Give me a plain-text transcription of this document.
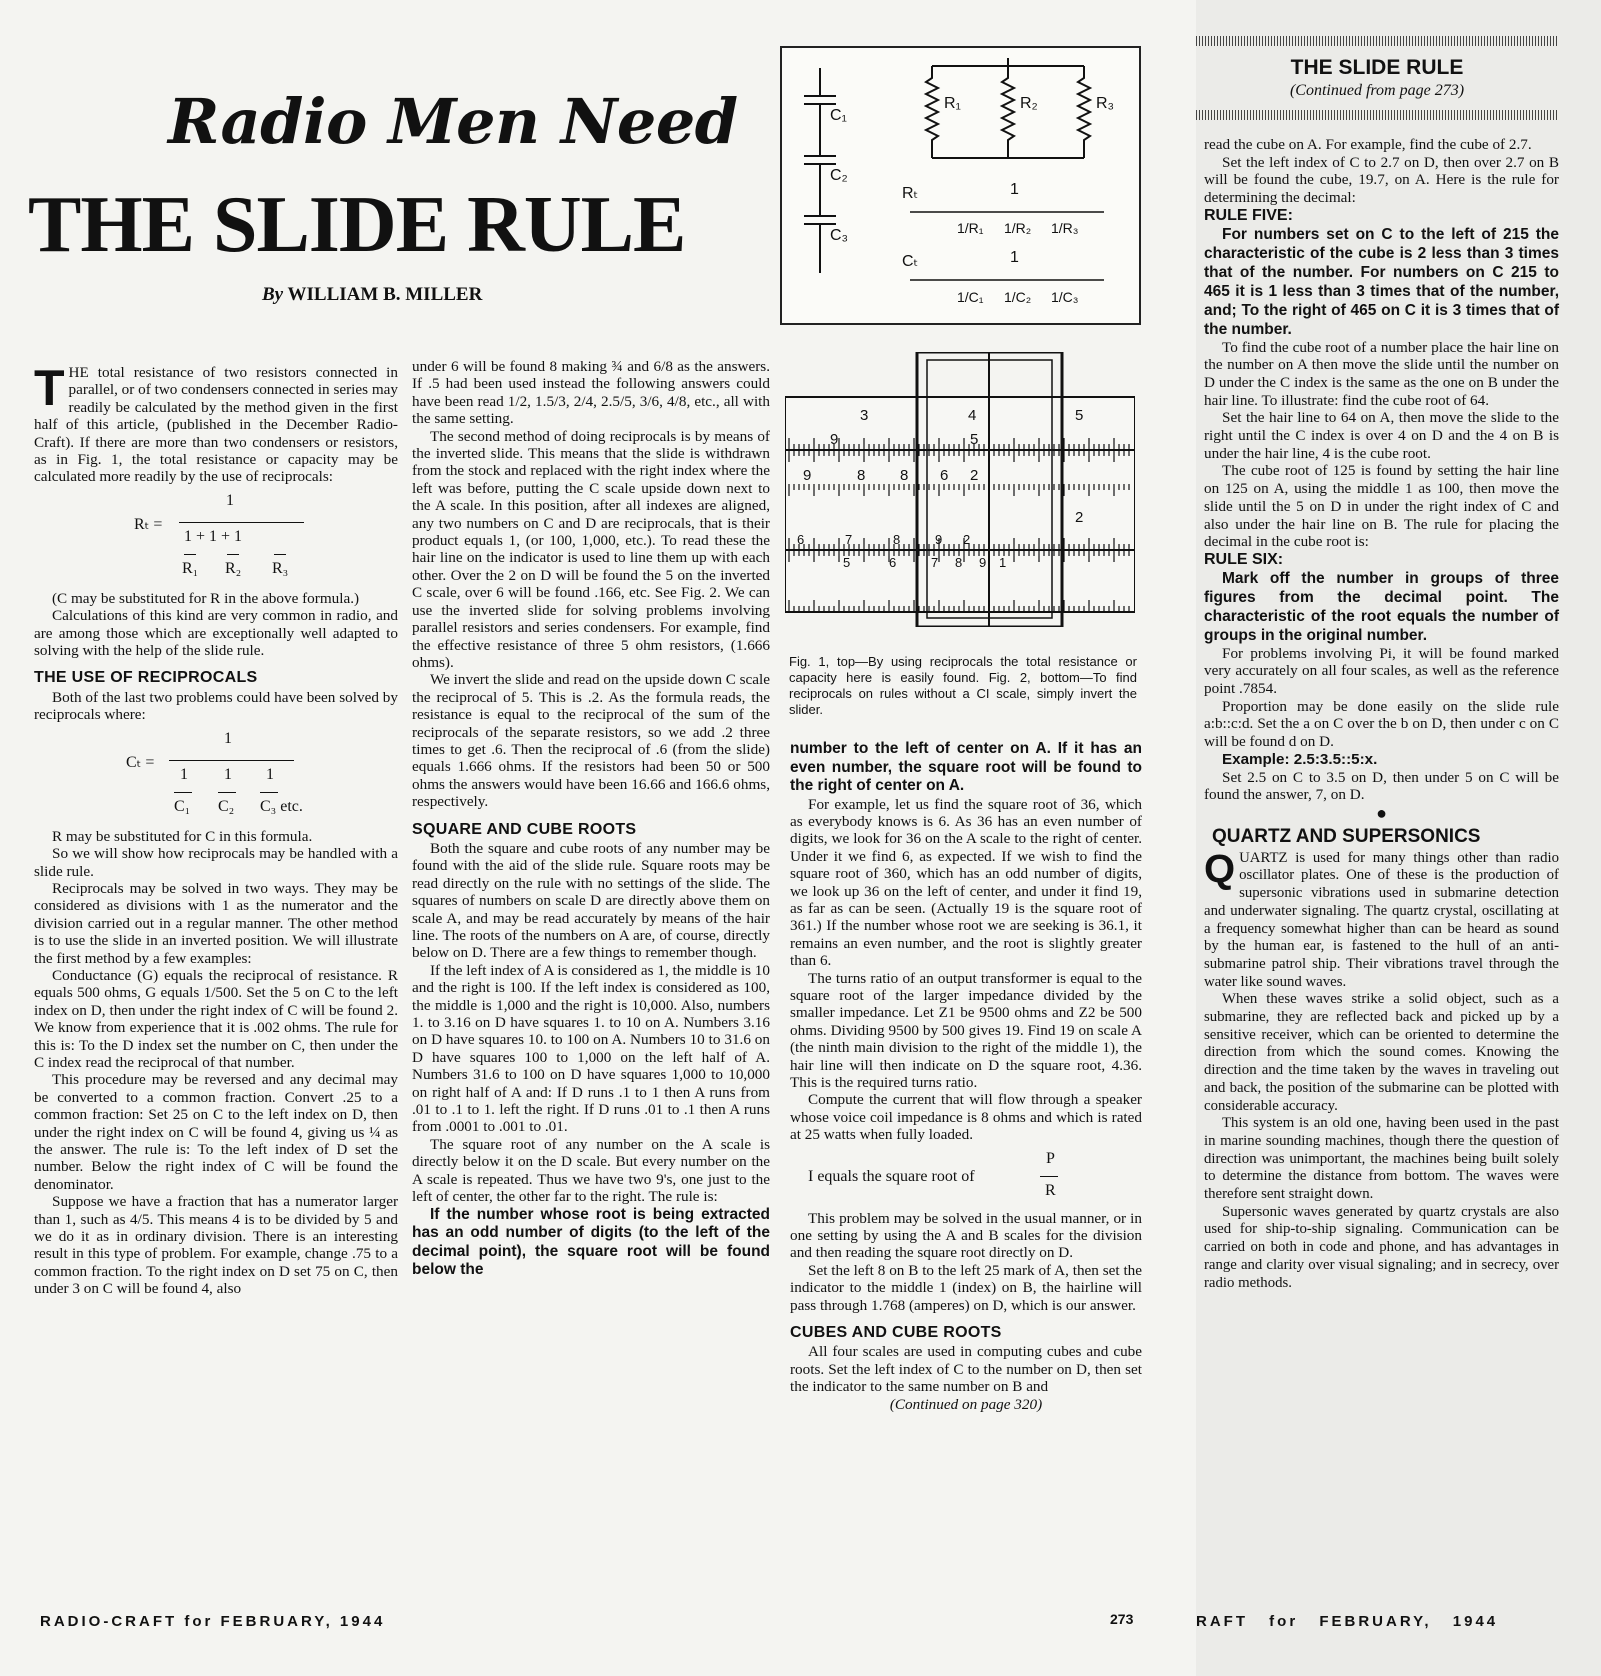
Radio Men Need
THE SLIDE RULE
By WILLIAM B. MILLER

THE total resistance of two resistors connected in parallel, or of two condensers connected in series may readily be calculated by the method given in the first half of this article, (published in the December Radio-Craft). If there are more than two condensers or resistors, as in Fig. 1, the total resistance or capacity may be calculated more readily by the use of reciprocals:

Rₜ =
1
1 + 1 + 1
R₁ R₂ R₃

(C may be substituted for R in the above formula.)

Calculations of this kind are very common in radio, and are among those which are exceptionally well adapted to solving with the help of the slide rule.

THE USE OF RECIPROCALS

Both of the last two problems could have been solved by reciprocals where:

Cₜ =
1
1 1 1
C₁ C₂ C₃ etc.

R may be substituted for C in this formula.

So we will show how reciprocals may be handled with a slide rule.

Reciprocals may be solved in two ways. They may be considered as divisions with 1 as the numerator and the division carried out in a regular manner. The other method is to use the slide in an inverted position. We will illustrate the first method by a few examples:

Conductance (G) equals the reciprocal of resistance. R equals 500 ohms, G equals 1/500. Set the 5 on C to the left index on D, then under the right index of C will be found 2. We know from experience that it is .002 ohms. The rule for this is: To the D index set the number on C, then under the C index read the reciprocal of that number.

This procedure may be reversed and any decimal may be converted to a common fraction. Convert .25 to a common fraction: Set 25 on C to the left index on D, then under the right index on C will be found 4, giving us ¼ as the answer. The rule is: To the left index of D set the number. Below the right index of C will be found the denominator.

Suppose we have a fraction that has a numerator larger than 1, such as 4/5. This means 4 is to be divided by 5 and we do it as in ordinary division. There is an interesting result in this type of problem. For example, change .75 to a common fraction. To the right index on D set 75 on C, then under 3 on C will be found 4, also

under 6 will be found 8 making ¾ and 6/8 as the answers. If .5 had been used instead the following answers could have been read 1/2, 1.5/3, 2/4, 2.5/5, 3/6, 4/8, etc., all with the same setting.

The second method of doing reciprocals is by means of the inverted slide. This means that the slide is withdrawn from the stock and replaced with the right index where the left was before, putting the C scale upside down next to the A scale. In this position, after all indexes are aligned, any two numbers on C and D are reciprocals, that is their product equals 1, (or 100, 1,000, etc.). To read these the hair line on the indicator is used to line them up with each other. Over the 2 on D will be found the 5 on the inverted C scale, over 6 will be found .166, etc. See Fig. 2. We can use the inverted slide for solving problems involving parallel resistors and series condensers. For example, find the effective resistance of three 5 ohm resistors, (1.666 ohms).

We invert the slide and read on the upside down C scale the reciprocal of 5. This is .2. As the formula reads, the resistance is equal to the reciprocal of the sum of the reciprocals of the separate resistors, so we add .2 three times to get .6. Then the reciprocal of .6 (from the slide) equals 1.666 ohms. If the resistors had been 50 or 500 ohms the answers would have been 16.66 and 166.6 ohms, respectively.

SQUARE AND CUBE ROOTS

Both the square and cube roots of any number may be found with the aid of the slide rule. Square roots may be read directly on the rule with no settings of the slide. The squares of numbers on scale D are directly above them on scale A, and may be read accurately by means of the hair line. The roots of the numbers on A are, of course, directly below on D. There are a few things to remember though.

If the left index of A is considered as 1, the middle is 10 and the right is 100. If the left index is considered as 100, the middle is 1,000 and the right is 10,000. Also, numbers 1. to 3.16 on D have squares 1. to 10 on A. Numbers 3.16 on D have squares 10. to 100 on A. Numbers 10 to 31.6 on D have squares 100 to 1,000 on the left half of A. Numbers 31.6 to 100 on D have squares 1,000 to 10,000 on right half of A and: If D runs .1 to 1 then A runs from .01 to .1 to 1. left the right. If D runs .01 to .1 then A runs from .0001 to .001 to .01.

The square root of any number on the A scale is directly below it on the D scale. But every number on the A scale is repeated. Thus we have two 9's, one just to the left of center, the other far to the right. The rule is:

If the number whose root is being extracted has an odd number of digits (to the left of the decimal point), the square root will be found below the

C₁
C₂
C₃
R₁	R₂	R₃
Rₜ	1
1/R₁ 1/R₂ 1/R₃
Cₜ	1
1/C₁ 1/C₂ 1/C₃
3	4	5
9	5
9	8 8 6 2
2
6	7	8	9 2
5	6	7 8 9 1
Fig. 1, top—By using reciprocals the total resistance or capacity here is easily found. Fig. 2, bottom—To find reciprocals on rules without a CI scale, simply invert the slider.

number to the left of center on A. If it has an even number, the square root will be found to the right of center on A.

For example, let us find the square root of 36, which as everybody knows is 6. As 36 has an even number of digits, we look for 36 on the A scale to the right of center. Under it we find 6, as expected. If we wish to find the square root of 360, which has an odd number of digits, we look up 36 on the left of center, and under it find 19, as far as can be seen. (Actually 19 is the square root of 361.) If the number whose root we are seeking is 36.1, it remains an even number, and the root is slightly greater than 6.

The turns ratio of an output transformer is equal to the square root of the larger impedance divided by the smaller impedance. Let Z1 be 9500 ohms and Z2 be 500 ohms. Dividing 9500 by 500 gives 19. Find 19 on scale A (the ninth main division to the right of the middle 1), the hair line will then indicate on D the square root, 4.36. This is the required turns ratio.

Compute the current that will flow through a speaker whose voice coil impedance is 8 ohms and which is rated at 25 watts when fully loaded.

I equals the square root of
P
R

This problem may be solved in the usual manner, or in one setting by using the A and B scales for the division and then reading the square root directly on D.

Set the left 8 on B to the left 25 mark of A, then set the indicator to the middle 1 (index) on B, the hairline will pass through 1.768 (amperes) on D, which is our answer.

CUBES AND CUBE ROOTS

All four scales are used in computing cubes and cube roots. Set the left index of C to the number on D, then set the indicator to the same number on B and

(Continued on page 320)

THE SLIDE RULE
(Continued from page 273)

read the cube on A. For example, find the cube of 2.7.

Set the left index of C to 2.7 on D, then over 2.7 on B will be found the cube, 19.7, on A. Here is the rule for determining the decimal:

RULE FIVE:

For numbers set on C to the left of 215 the characteristic of the cube is 2 less than 3 times that of the number. For numbers on C 215 to 465 it is 1 less than 3 times that of the number, and; To the right of 465 on C it is 3 times that of the number.

To find the cube root of a number place the hair line on the number on A then move the slide until the number on D under the C index is the same as the one on B under the hair line. To illustrate: find the cube root of 64.

Set the hair line to 64 on A, then move the slide to the right until the C index is over 4 on D and the 4 on B is under the hair line, 4 is the cube root.

The cube root of 125 is found by setting the hair line on 125 on A, using the middle 1 as 100, then move the slide until the 5 on D in under the right index of C and also under the hair line on B. The rule for placing the decimal in the cube root is:

RULE SIX:

Mark off the number in groups of three figures from the decimal point. The characteristic of the root equals the number of groups in the original number.

For problems involving Pi, it will be found marked very accurately on all four scales, as well as the reference point .7854.

Proportion may be done easily on the slide rule a:b::c:d. Set the a on C over the b on D, then under c on C will be found d on D.

Example: 2.5:3.5::5:x.

Set 2.5 on C to 3.5 on D, then under 5 on C will be found the answer, 7, on D.

●

QUARTZ AND SUPERSONICS

QUARTZ is used for many things other than radio oscillator plates. One of these is the production of supersonic vibrations used in submarine detection and underwater signaling. The quartz crystal, oscillating at a frequency somewhat higher than can be heard as sound by the human ear, is fastened to the hull of an anti-submarine patrol ship. Their vibrations travel through the water like sound waves.

When these waves strike a solid object, such as a submarine, they are reflected back and picked up by a sensitive receiver, which can be oriented to determine the direction from which the sound comes. Knowing the direction and the time taken by the waves in traveling out and back, the position of the submarine can be plotted with considerable accuracy.

This system is an old one, having been used in the past in marine sounding machines, though there the question of direction was unimportant, the machines being built solely to determine the distance from bottom. The waves were therefore sent straight down.

Supersonic waves generated by quartz crystals are also used for ship-to-ship signaling. Communication can be carried on both in code and phone, and has advantages in range and clarity over visual signaling; and in secrecy, over radio methods.

RADIO-CRAFT for FEBRUARY, 1944	273	RAFT for FEBRUARY, 1944
